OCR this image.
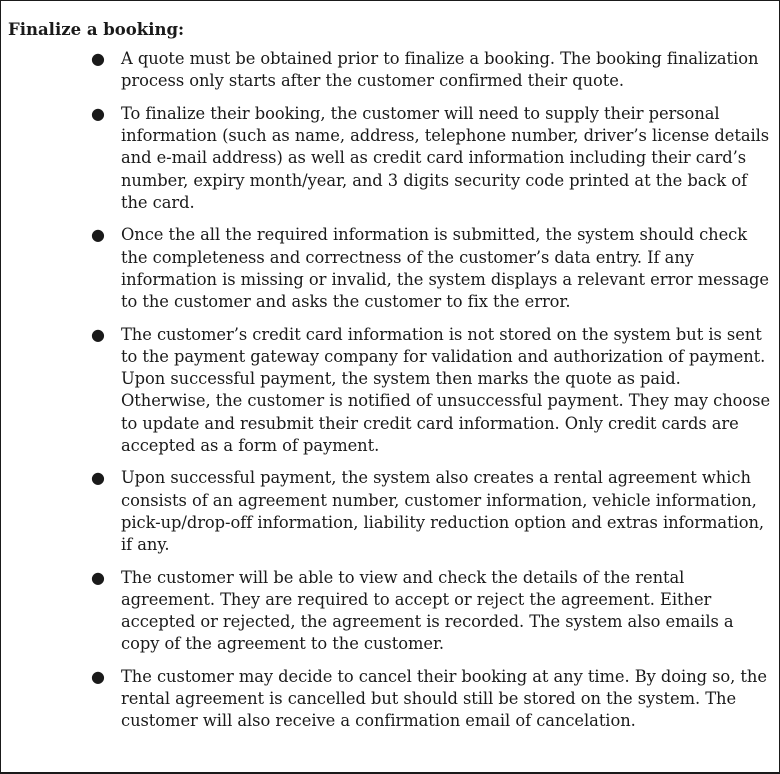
Finalize a booking:
● A quote must be obtained prior to finalize a booking. The booking finalization process only starts after the customer confirmed their quote.
● To finalize their booking, the customer will need to supply their personal information (such as name, address, telephone number, driver’s license details and e-mail address) as well as credit card information including their card’s number, expiry month/year, and 3 digits security code printed at the back of the card.
● Once the all the required information is submitted, the system should check the completeness and correctness of the customer’s data entry. If any information is missing or invalid, the system displays a relevant error message to the customer and asks the customer to fix the error.
● The customer’s credit card information is not stored on the system but is sent to the payment gateway company for validation and authorization of payment. Upon successful payment, the system then marks the quote as paid. Otherwise, the customer is notified of unsuccessful payment. They may choose to update and resubmit their credit card information. Only credit cards are accepted as a form of payment.
● Upon successful payment, the system also creates a rental agreement which consists of an agreement number, customer information, vehicle information, pick-up/drop-off information, liability reduction option and extras information, if any.
● The customer will be able to view and check the details of the rental agreement. They are required to accept or reject the agreement. Either accepted or rejected, the agreement is recorded. The system also emails a copy of the agreement to the customer.
● The customer may decide to cancel their booking at any time. By doing so, the rental agreement is cancelled but should still be stored on the system. The customer will also receive a confirmation email of cancelation.
